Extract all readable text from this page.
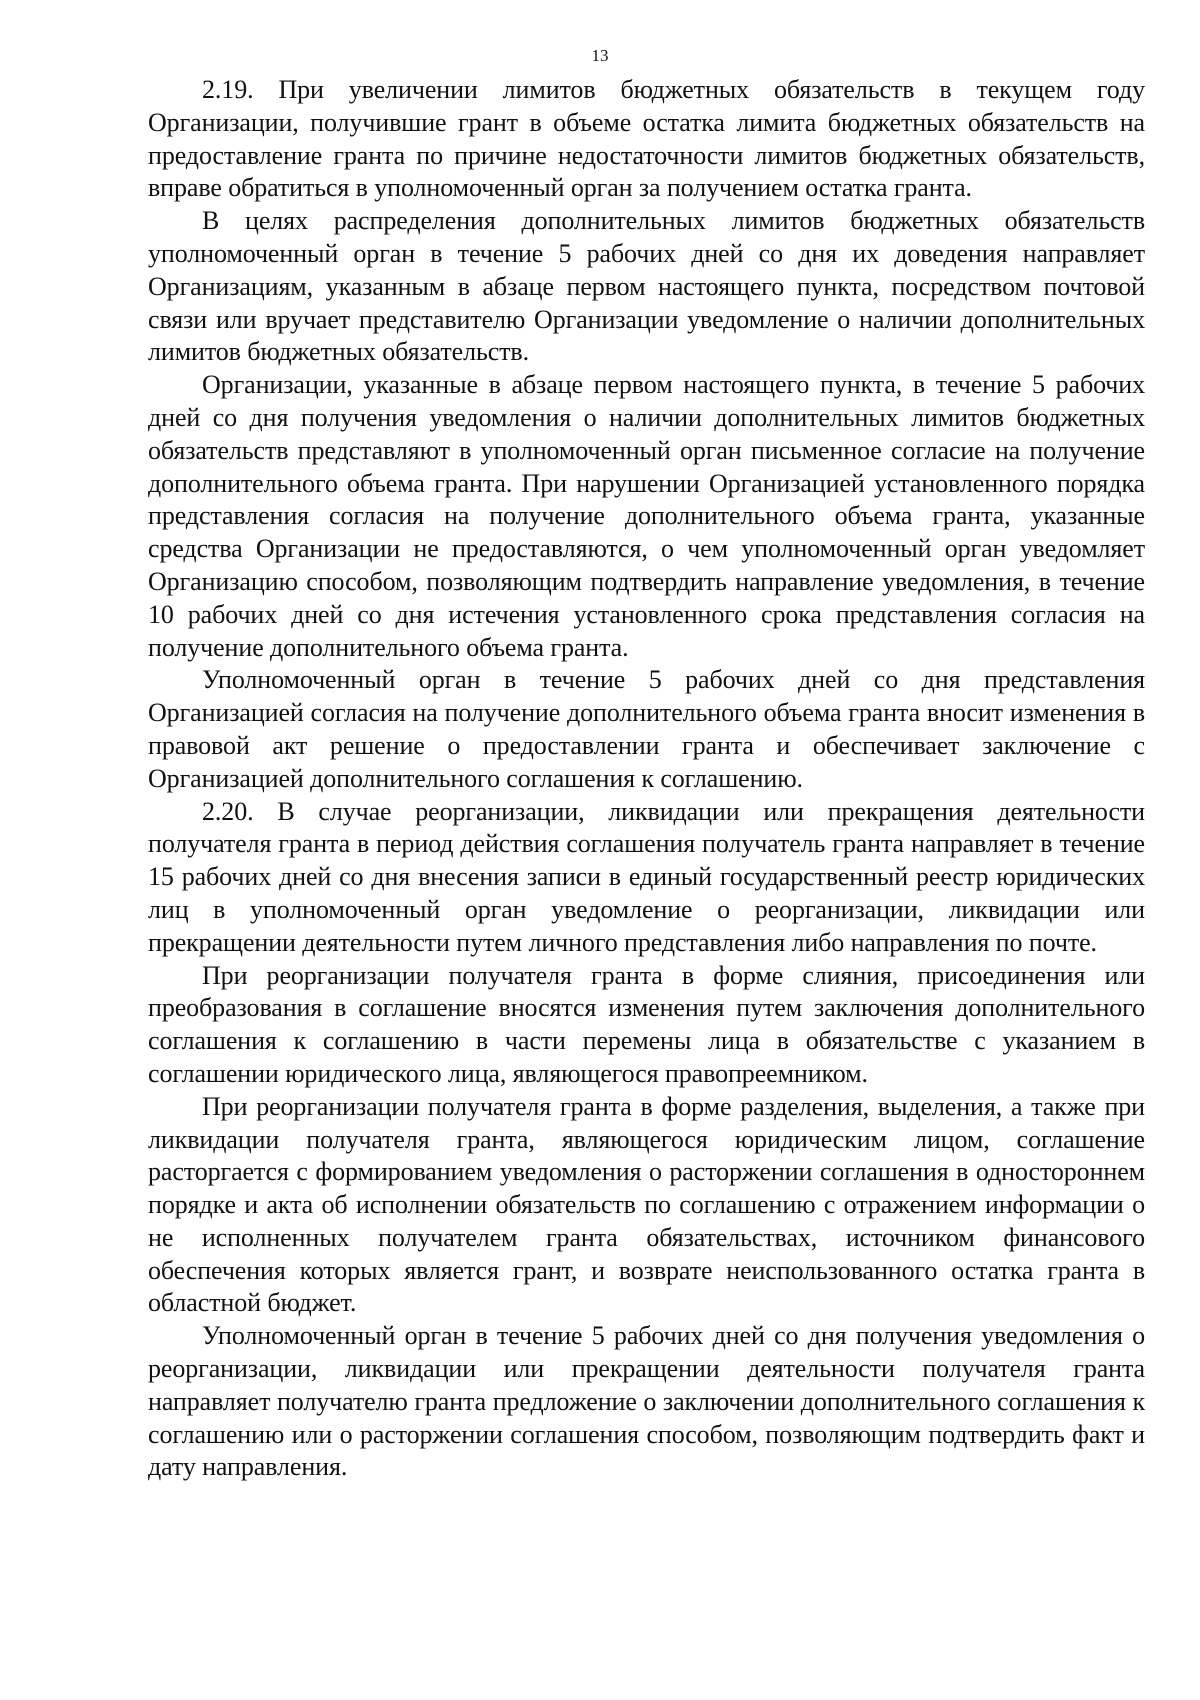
13

2.19. При увеличении лимитов бюджетных обязательств в текущем году Организации, получившие грант в объеме остатка лимита бюджетных обязательств на предоставление гранта по причине недостаточности лимитов бюджетных обязательств, вправе обратиться в уполномоченный орган за получением остатка гранта.

В целях распределения дополнительных лимитов бюджетных обязательств уполномоченный орган в течение 5 рабочих дней со дня их доведения направляет Организациям, указанным в абзаце первом настоящего пункта, посредством почтовой связи или вручает представителю Организации уведомление о наличии дополнительных лимитов бюджетных обязательств.

Организации, указанные в абзаце первом настоящего пункта, в течение 5 рабочих дней со дня получения уведомления о наличии дополнительных лимитов бюджетных обязательств представляют в уполномоченный орган письменное согласие на получение дополнительного объема гранта. При нарушении Организацией установленного порядка представления согласия на получение дополнительного объема гранта, указанные средства Организации не предоставляются, о чем уполномоченный орган уведомляет Организацию способом, позволяющим подтвердить направление уведомления, в течение 10 рабочих дней со дня истечения установленного срока представления согласия на получение дополнительного объема гранта.

Уполномоченный орган в течение 5 рабочих дней со дня представления Организацией согласия на получение дополнительного объема гранта вносит изменения в правовой акт решение о предоставлении гранта и обеспечивает заключение с Организацией дополнительного соглашения к соглашению.

2.20. В случае реорганизации, ликвидации или прекращения деятельности получателя гранта в период действия соглашения получатель гранта направляет в течение 15 рабочих дней со дня внесения записи в единый государственный реестр юридических лиц в уполномоченный орган уведомление о реорганизации, ликвидации или прекращении деятельности путем личного представления либо направления по почте.

При реорганизации получателя гранта в форме слияния, присоединения или преобразования в соглашение вносятся изменения путем заключения дополнительного соглашения к соглашению в части перемены лица в обязательстве с указанием в соглашении юридического лица, являющегося правопреемником.

При реорганизации получателя гранта в форме разделения, выделения, а также при ликвидации получателя гранта, являющегося юридическим лицом, соглашение расторгается с формированием уведомления о расторжении соглашения в одностороннем порядке и акта об исполнении обязательств по соглашению с отражением информации о не исполненных получателем гранта обязательствах, источником финансового обеспечения которых является грант, и возврате неиспользованного остатка гранта в областной бюджет.

Уполномоченный орган в течение 5 рабочих дней со дня получения уведомления о реорганизации, ликвидации или прекращении деятельности получателя гранта направляет получателю гранта предложение о заключении дополнительного соглашения к соглашению или о расторжении соглашения способом, позволяющим подтвердить факт и дату направления.
